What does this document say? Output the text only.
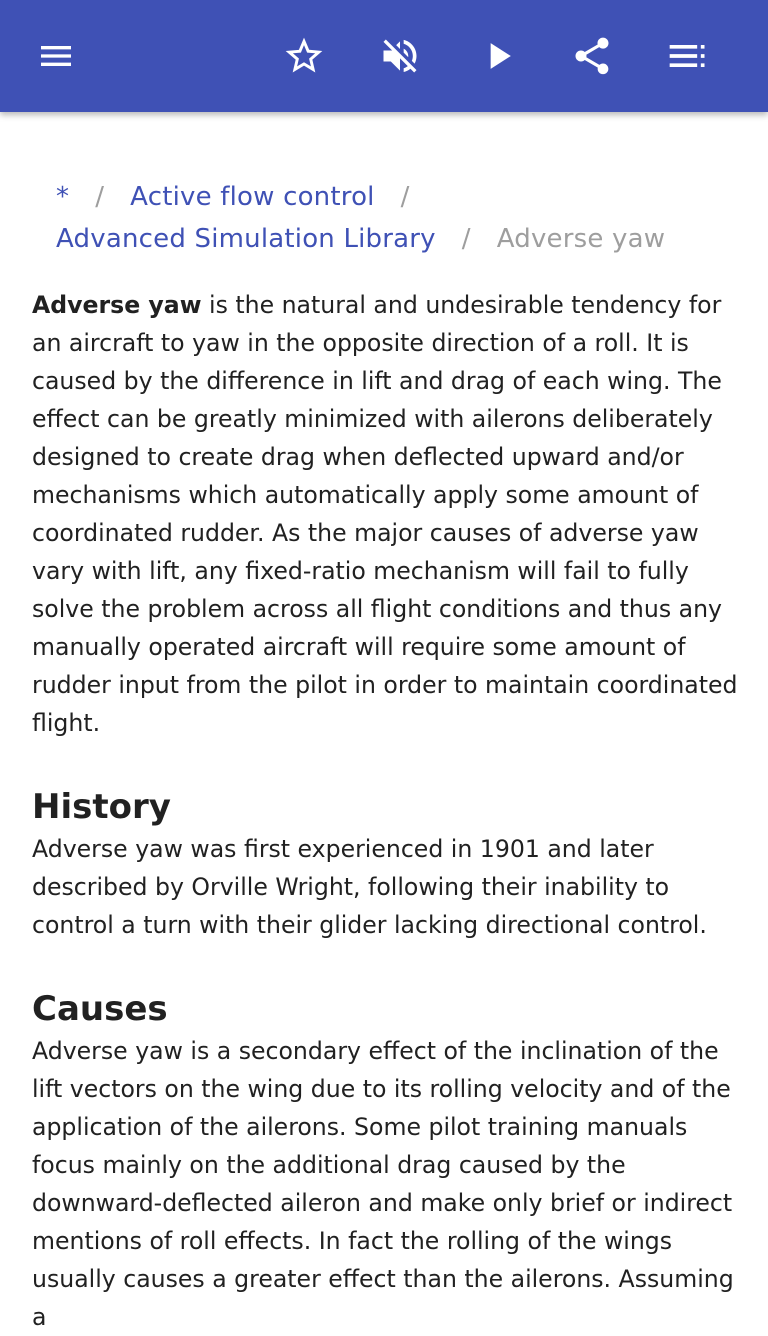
* / Active flow control /
Advanced Simulation Library / Adverse yaw

Adverse yaw is the natural and undesirable tendency for an aircraft to yaw in the opposite direction of a roll. It is caused by the difference in lift and drag of each wing. The effect can be greatly minimized with ailerons deliberately designed to create drag when deflected upward and/or mechanisms which automatically apply some amount of coordinated rudder. As the major causes of adverse yaw vary with lift, any fixed-ratio mechanism will fail to fully solve the problem across all flight conditions and thus any manually operated aircraft will require some amount of rudder input from the pilot in order to maintain coordinated flight.

History

Adverse yaw was first experienced in 1901 and later described by Orville Wright, following their inability to control a turn with their glider lacking directional control.

Causes

Adverse yaw is a secondary effect of the inclination of the lift vectors on the wing due to its rolling velocity and of the application of the ailerons. Some pilot training manuals focus mainly on the additional drag caused by the downward-deflected aileron and make only brief or indirect mentions of roll effects. In fact the rolling of the wings usually causes a greater effect than the ailerons. Assuming a
